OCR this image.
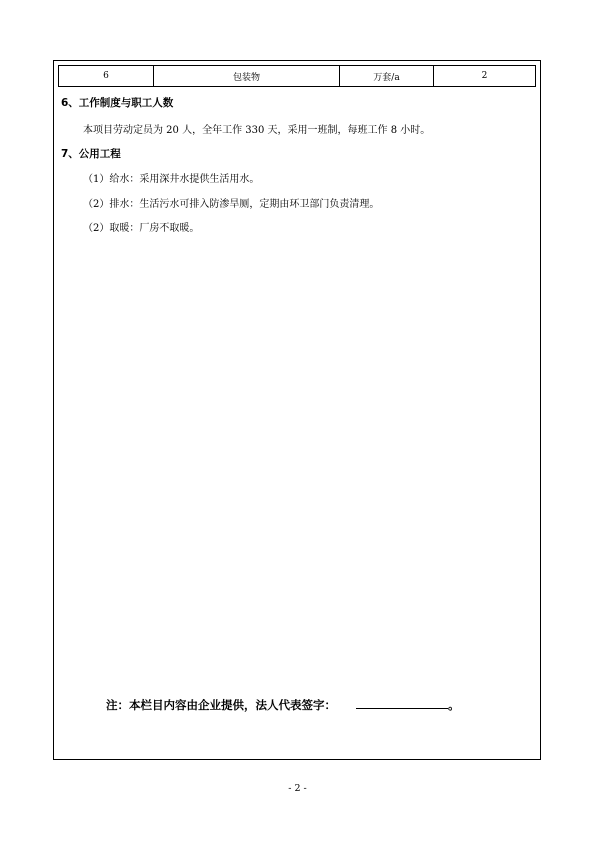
6	包装物	万套/a	2
6、工作制度与职工人数
本项目劳动定员为 20 人，全年工作 330 天，采用一班制，每班工作 8 小时。
7、公用工程
（1）给水：采用深井水提供生活用水。
（2）排水：生活污水可排入防渗旱厕，定期由环卫部门负责清理。
（2）取暖：厂房不取暖。
注：本栏目内容由企业提供，法人代表签字：	。
- 2 -
